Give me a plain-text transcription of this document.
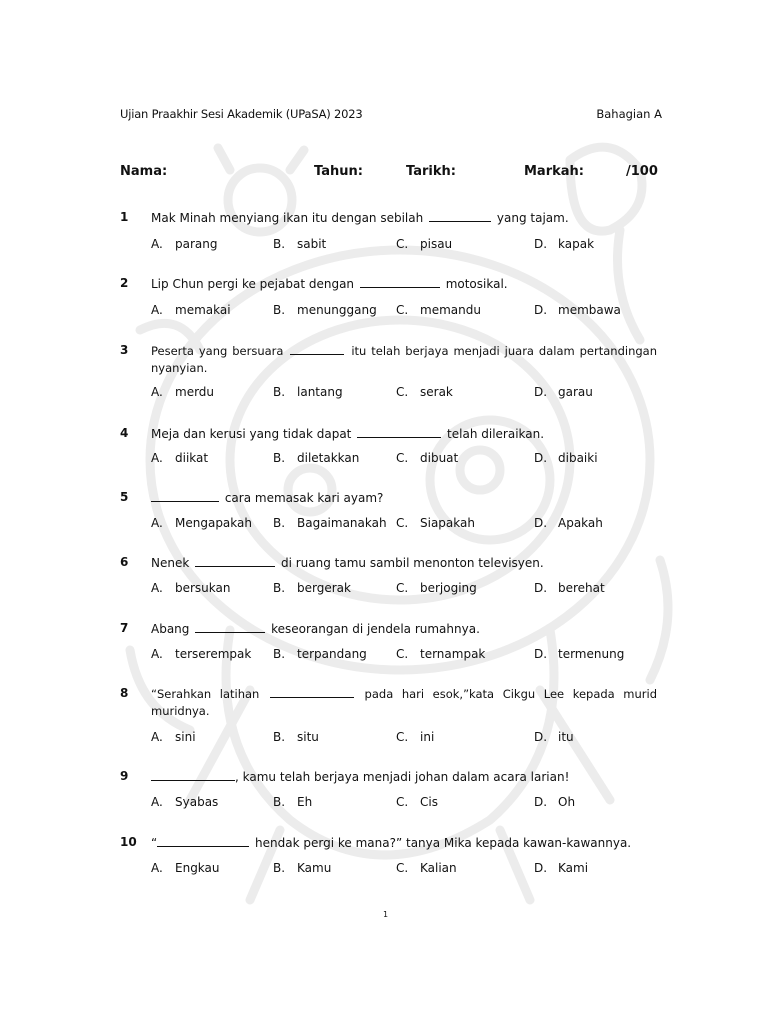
Ujian Praakhir Sesi Akademik (UPaSA) 2023	Bahagian A
Nama:	Tahun:	Tarikh:	Markah:	/100
1 Mak Minah menyiang ikan itu dengan sebilah	yang tajam.
A. parang	B. sabit	C. pisau	D. kapak
2 Lip Chun pergi ke pejabat dengan	motosikal.
A. memakai	B. menunggang C. memandu	D. membawa
3 Peserta yang bersuara	itu telah berjaya menjadi juara dalam pertandingan nyanyian.
A. merdu	B. lantang	C. serak	D. garau
4 Meja dan kerusi yang tidak dapat	telah dileraikan.
A. diikat	B. diletakkan	C. dibuat	D. dibaiki
5	cara memasak kari ayam?
A. Mengapakah B. Bagaimanakah C. Siapakah	D. Apakah
6 Nenek	di ruang tamu sambil menonton televisyen.
A. bersukan	B. bergerak	C. berjoging	D. berehat
7 Abang	keseorangan di jendela rumahnya.
A. terserempak B. terpandang C. ternampak	D. termenung
8 “Serahkan latihan	pada hari esok,”kata Cikgu Lee kepada murid muridnya.
A. sini	B. situ	C. ini	D. itu
9	, kamu telah berjaya menjadi johan dalam acara larian!
A. Syabas	B. Eh	C. Cis	D. Oh
10 “	hendak pergi ke mana?” tanya Mika kepada kawan-kawannya.
A. Engkau	B. Kamu	C. Kalian	D. Kami
1
